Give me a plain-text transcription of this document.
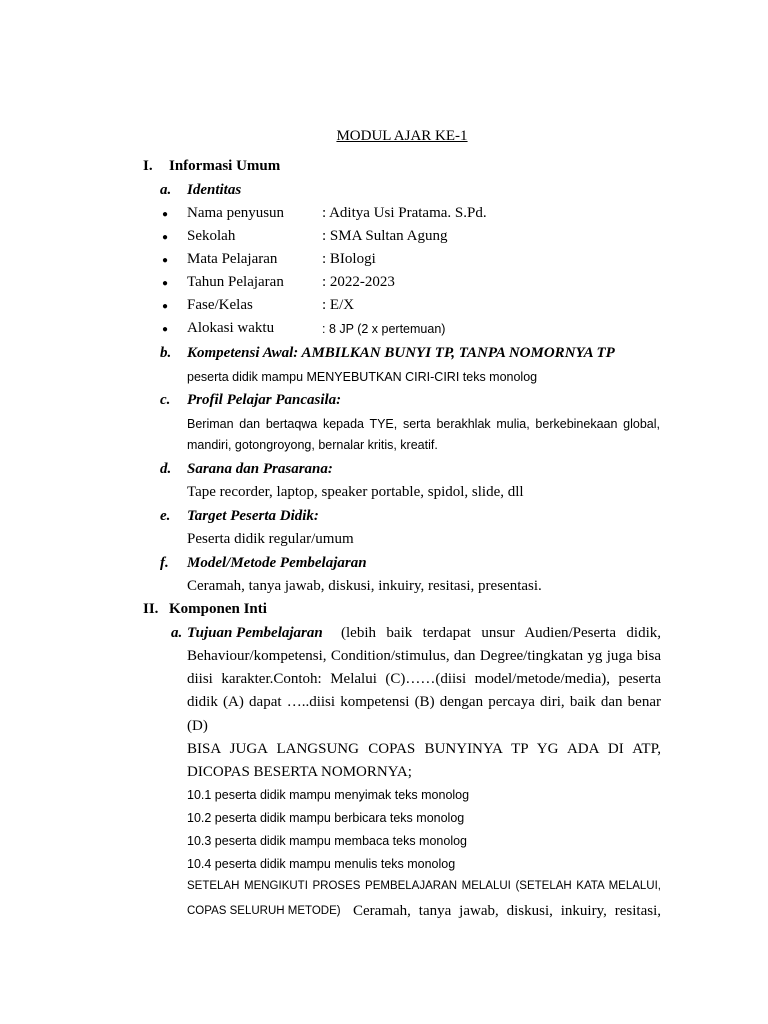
MODUL AJAR KE-1
I. Informasi Umum
a. Identitas
● Nama penyusun	: Aditya Usi Pratama. S.Pd.
● Sekolah	: SMA Sultan Agung
● Mata Pelajaran	: BIologi
● Tahun Pelajaran	: 2022-2023
● Fase/Kelas	: E/X
● Alokasi waktu	: 8 JP (2 x pertemuan)
b. Kompetensi Awal: AMBILKAN BUNYI TP, TANPA NOMORNYA TP
peserta didik mampu MENYEBUTKAN CIRI-CIRI teks monolog
c. Profil Pelajar Pancasila:
Beriman dan bertaqwa kepada TYE, serta berakhlak mulia, berkebinekaan global,
mandiri, gotongroyong, bernalar kritis, kreatif.
d. Sarana dan Prasarana:
Tape recorder, laptop, speaker portable, spidol, slide, dll
e. Target Peserta Didik:
Peserta didik regular/umum
f. Model/Metode Pembelajaran
Ceramah, tanya jawab, diskusi, inkuiry, resitasi, presentasi.
II. Komponen Inti
a. Tujuan Pembelajaran (lebih baik terdapat unsur Audien/Peserta didik,
Behaviour/kompetensi, Condition/stimulus, dan Degree/tingkatan yg juga bisa
diisi karakter.Contoh: Melalui (C)……(diisi model/metode/media), peserta
didik (A) dapat …..diisi kompetensi (B) dengan percaya diri, baik dan benar
(D)
BISA JUGA LANGSUNG COPAS BUNYINYA TP YG ADA DI ATP,
DICOPAS BESERTA NOMORNYA;
10.1 peserta didik mampu menyimak teks monolog
10.2 peserta didik mampu berbicara teks monolog
10.3 peserta didik mampu membaca teks monolog
10.4 peserta didik mampu menulis teks monolog
SETELAH MENGIKUTI PROSES PEMBELAJARAN MELALUI (SETELAH KATA MELALUI,
COPAS SELURUH METODE) Ceramah, tanya jawab, diskusi, inkuiry, resitasi,
